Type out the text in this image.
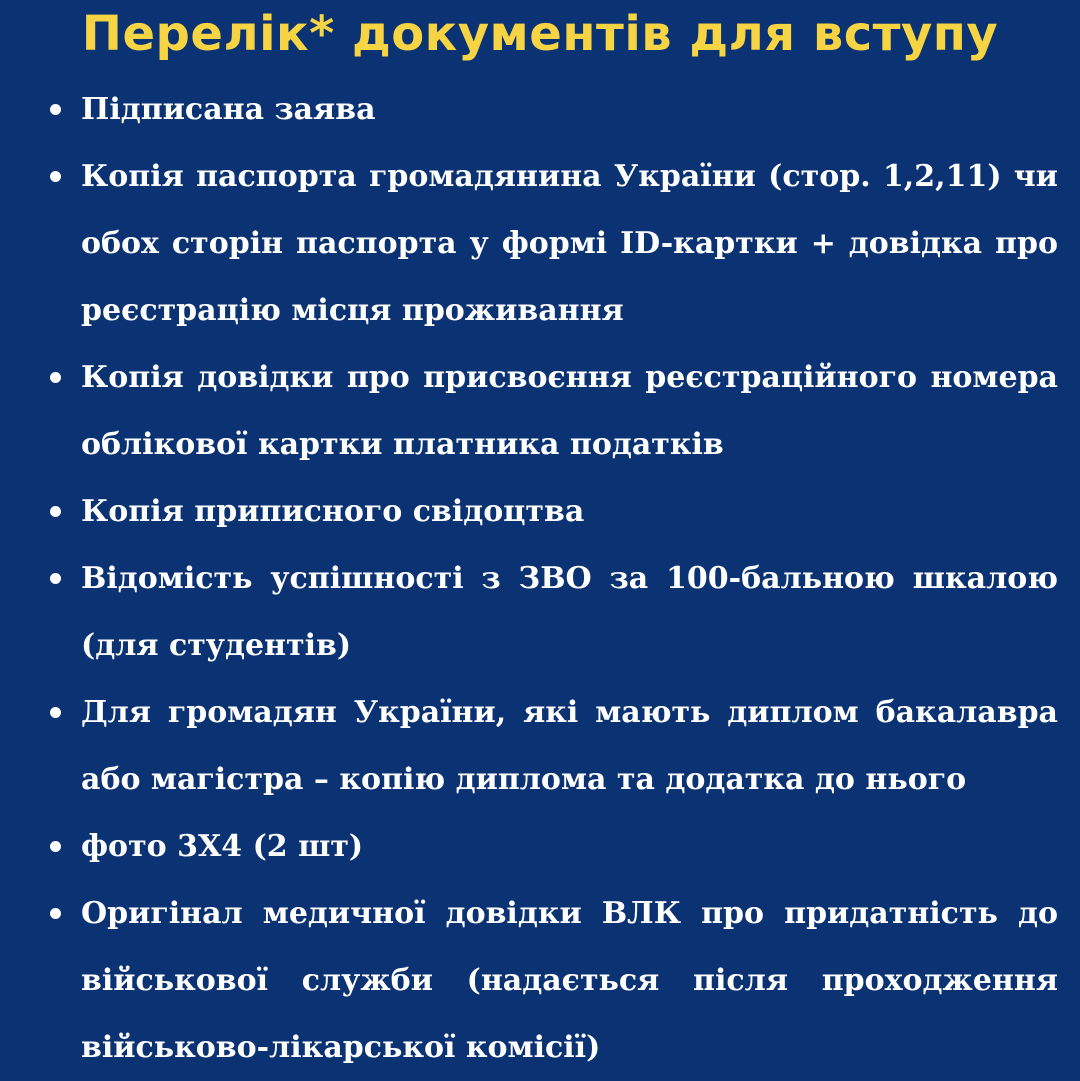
Перелік* документів для вступу
Підписана заява
Копія паспорта громадянина України (стор. 1,2,11) чи обох сторін паспорта у формі ID-картки + довідка про реєстрацію місця проживання
Копія довідки про присвоєння реєстраційного номера облікової картки платника податків
Копія приписного свідоцтва
Відомість успішності з ЗВО за 100-бальною шкалою (для студентів)
Для громадян України, які мають диплом бакалавра або магістра – копію диплома та додатка до нього
фото 3Х4 (2 шт)
Оригінал медичної довідки ВЛК про придатність до військової служби (надається після проходження військово-лікарської комісії)
